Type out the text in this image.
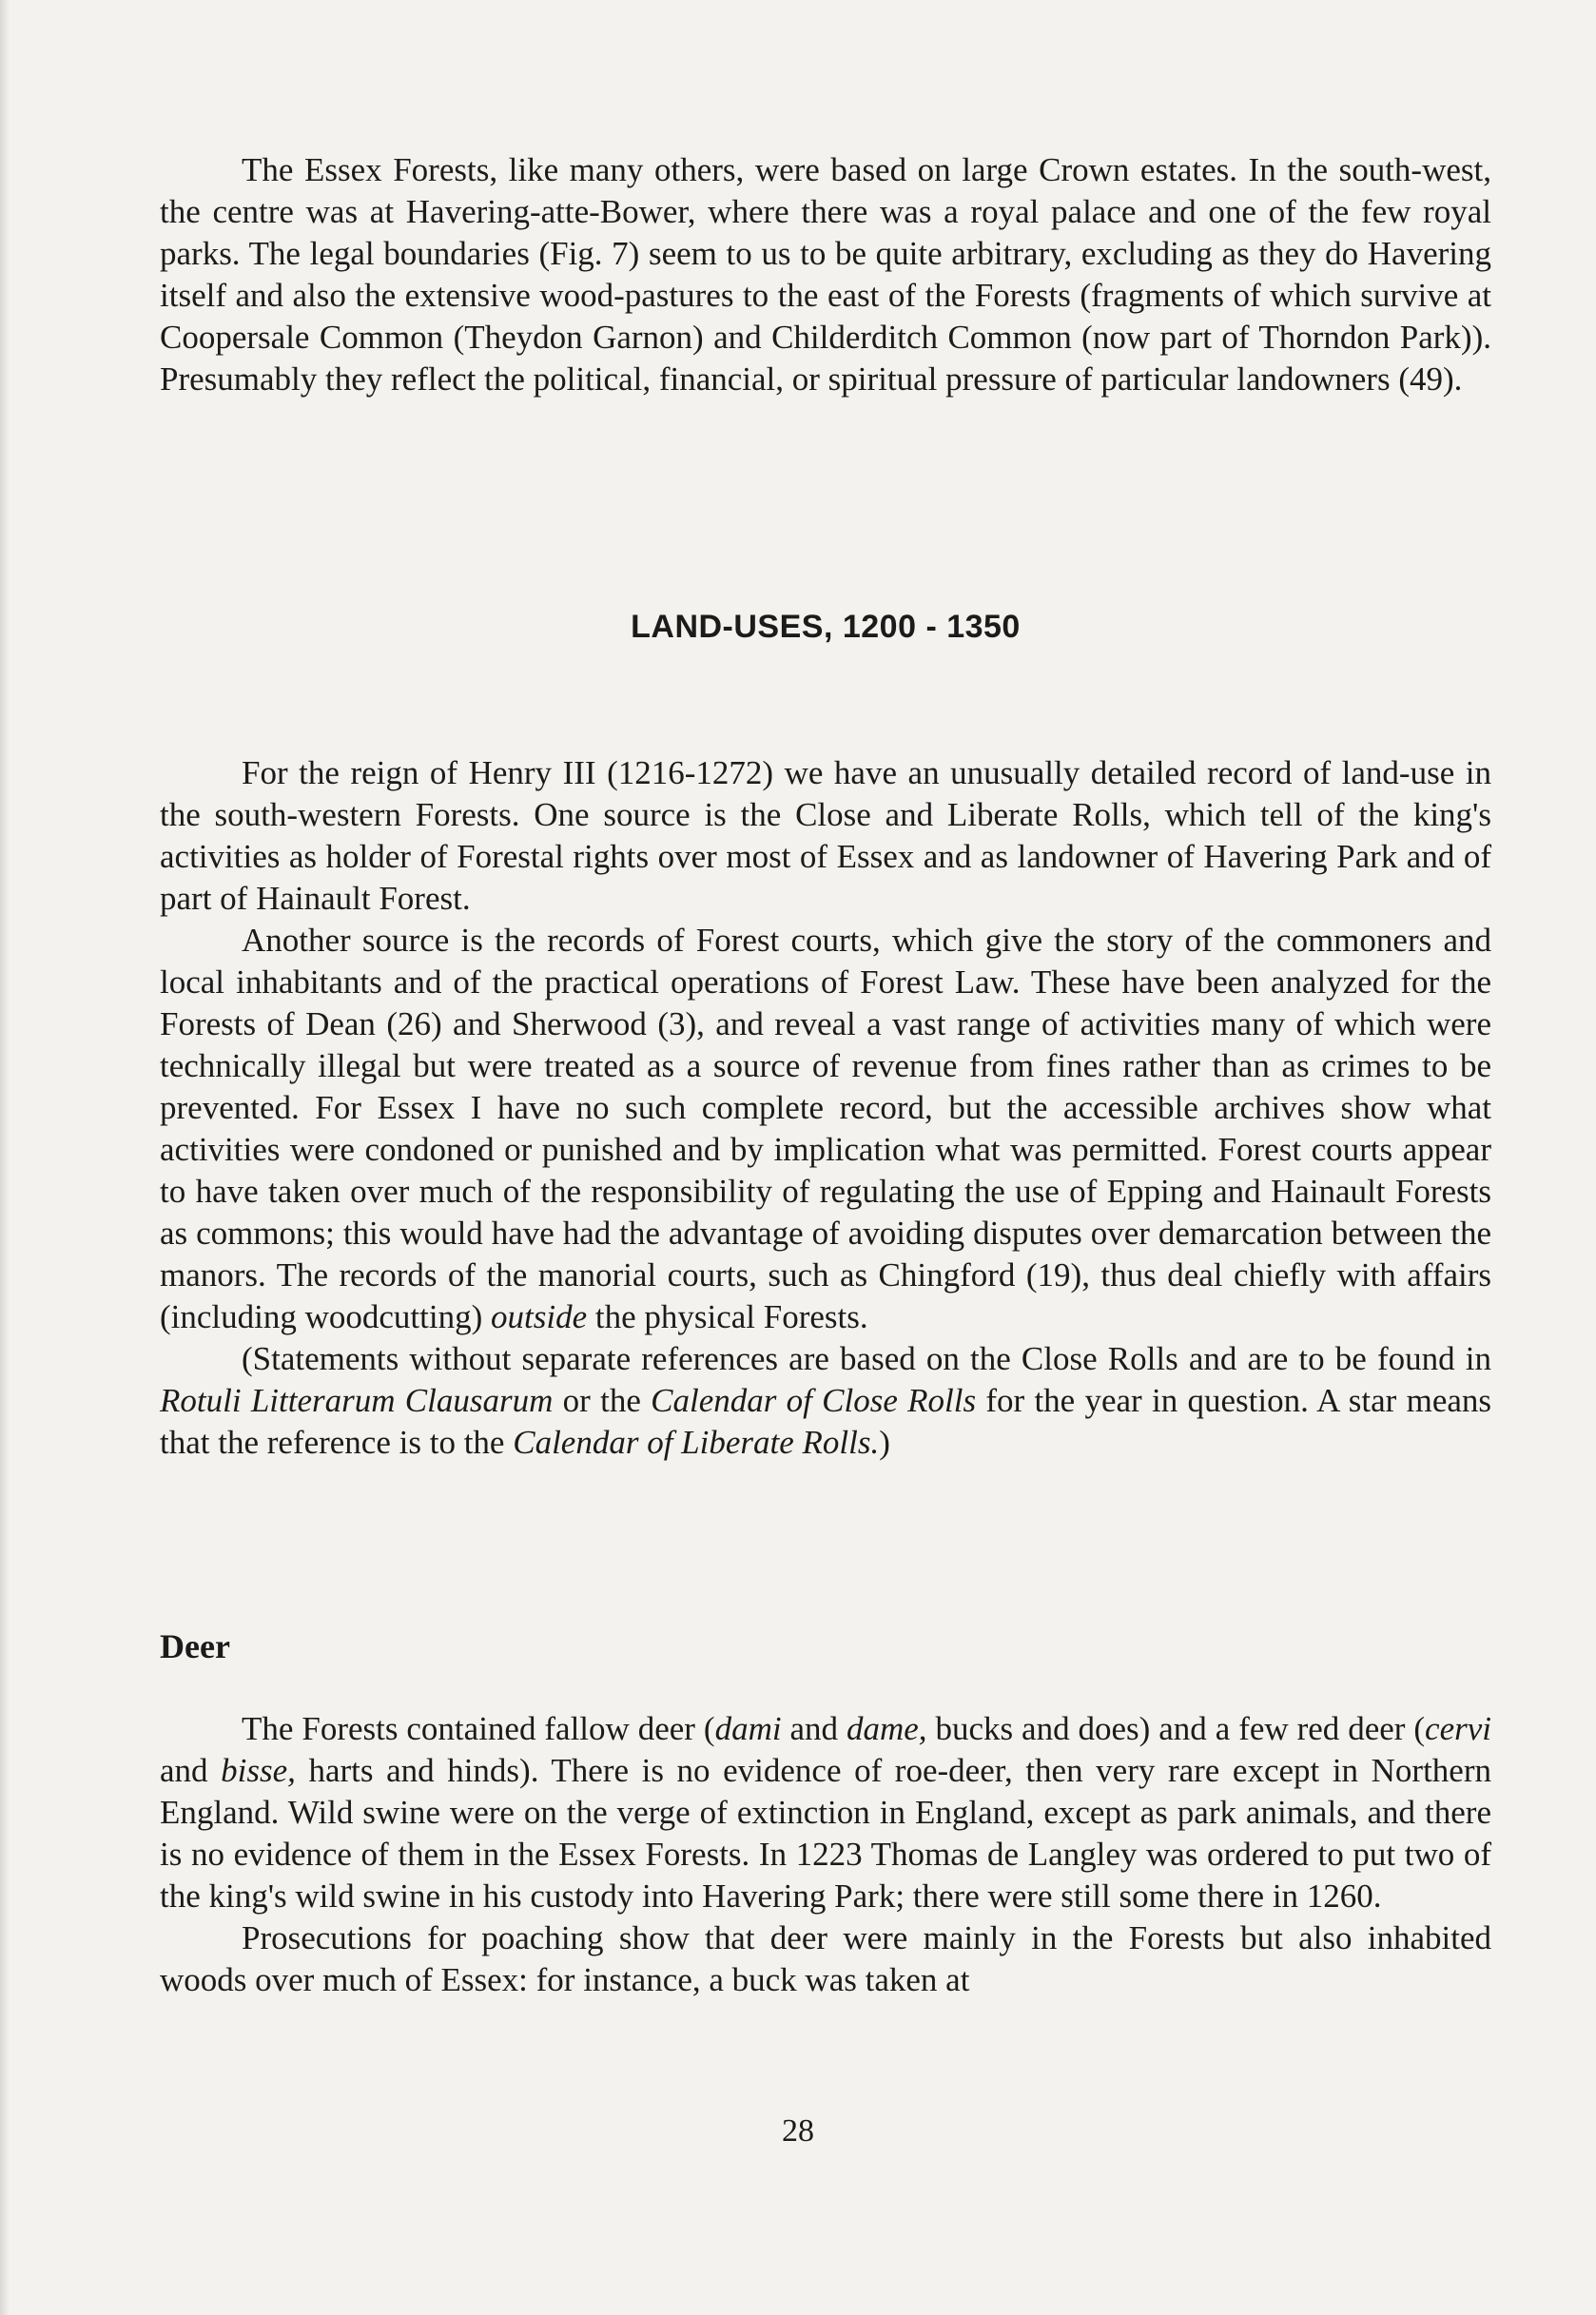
The Essex Forests, like many others, were based on large Crown estates. In the south-west, the centre was at Havering-atte-Bower, where there was a royal palace and one of the few royal parks. The legal boundaries (Fig. 7) seem to us to be quite arbitrary, excluding as they do Havering itself and also the extensive wood-pastures to the east of the Forests (fragments of which survive at Coopersale Common (Theydon Garnon) and Childerditch Common (now part of Thorndon Park)). Presumably they reflect the political, financial, or spiritual pressure of particular landowners (49).

LAND-USES, 1200 - 1350

For the reign of Henry III (1216-1272) we have an unusually detailed record of land-use in the south-western Forests. One source is the Close and Liberate Rolls, which tell of the king's activities as holder of Forestal rights over most of Essex and as landowner of Havering Park and of part of Hainault Forest.

Another source is the records of Forest courts, which give the story of the commoners and local inhabitants and of the practical operations of Forest Law. These have been analyzed for the Forests of Dean (26) and Sherwood (3), and reveal a vast range of activities many of which were technically illegal but were treated as a source of revenue from fines rather than as crimes to be prevented. For Essex I have no such complete record, but the accessible archives show what activities were condoned or punished and by implication what was permitted. Forest courts appear to have taken over much of the responsibility of regulating the use of Epping and Hainault Forests as commons; this would have had the advantage of avoiding disputes over demarcation between the manors. The records of the manorial courts, such as Chingford (19), thus deal chiefly with affairs (including woodcutting) outside the physical Forests.

(Statements without separate references are based on the Close Rolls and are to be found in Rotuli Litterarum Clausarum or the Calendar of Close Rolls for the year in question. A star means that the reference is to the Calendar of Liberate Rolls.)

Deer

The Forests contained fallow deer (dami and dame, bucks and does) and a few red deer (cervi and bisse, harts and hinds). There is no evidence of roe-deer, then very rare except in Northern England. Wild swine were on the verge of extinction in England, except as park animals, and there is no evidence of them in the Essex Forests. In 1223 Thomas de Langley was ordered to put two of the king's wild swine in his custody into Havering Park; there were still some there in 1260.

Prosecutions for poaching show that deer were mainly in the Forests but also inhabited woods over much of Essex: for instance, a buck was taken at

28
